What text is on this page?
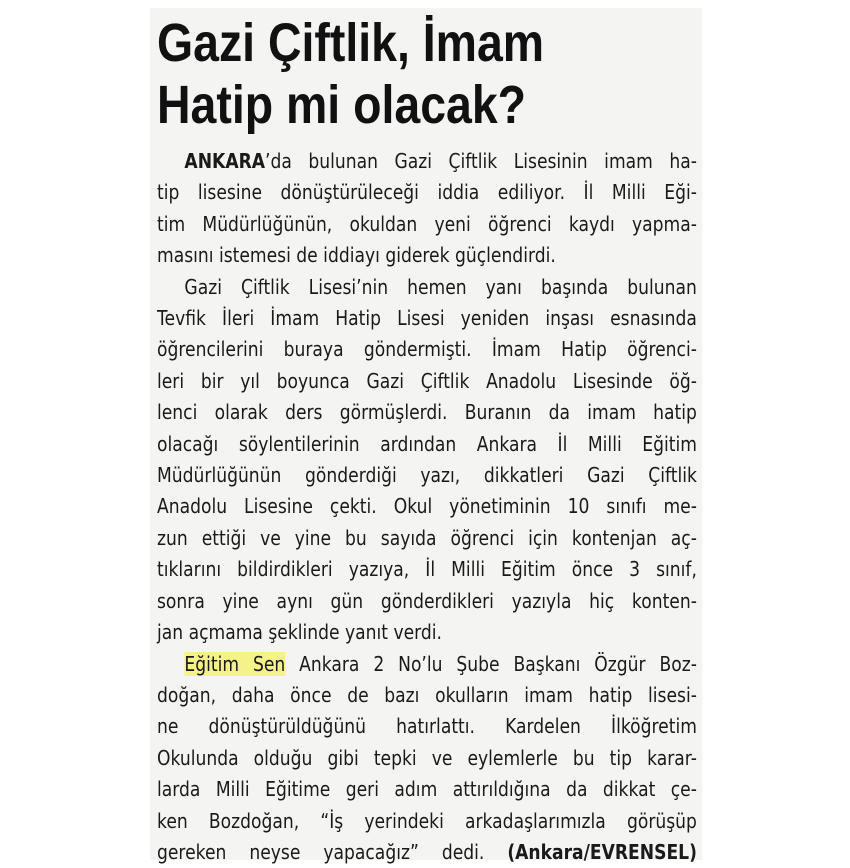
Gazi Çiftlik, İmam
Hatip mi olacak?
ANKARA’da bulunan Gazi Çiftlik Lisesinin imam ha-
tip lisesine dönüştürüleceği iddia ediliyor. İl Milli Eği-
tim Müdürlüğünün, okuldan yeni öğrenci kaydı yapma-
masını istemesi de iddiayı giderek güçlendirdi.
Gazi Çiftlik Lisesi’nin hemen yanı başında bulunan
Tevfik İleri İmam Hatip Lisesi yeniden inşası esnasında
öğrencilerini buraya göndermişti. İmam Hatip öğrenci-
leri bir yıl boyunca Gazi Çiftlik Anadolu Lisesinde öğ-
lenci olarak ders görmüşlerdi. Buranın da imam hatip
olacağı söylentilerinin ardından Ankara İl Milli Eğitim
Müdürlüğünün gönderdiği yazı, dikkatleri Gazi Çiftlik
Anadolu Lisesine çekti. Okul yönetiminin 10 sınıfı me-
zun ettiği ve yine bu sayıda öğrenci için kontenjan aç-
tıklarını bildirdikleri yazıya, İl Milli Eğitim önce 3 sınıf,
sonra yine aynı gün gönderdikleri yazıyla hiç konten-
jan açmama şeklinde yanıt verdi.
Eğitim Sen Ankara 2 No’lu Şube Başkanı Özgür Boz-
doğan, daha önce de bazı okulların imam hatip lisesi-
ne dönüştürüldüğünü hatırlattı. Kardelen İlköğretim
Okulunda olduğu gibi tepki ve eylemlerle bu tip karar-
larda Milli Eğitime geri adım attırıldığına da dikkat çe-
ken Bozdoğan, “İş yerindeki arkadaşlarımızla görüşüp
gereken neyse yapacağız” dedi. (Ankara/EVRENSEL)
